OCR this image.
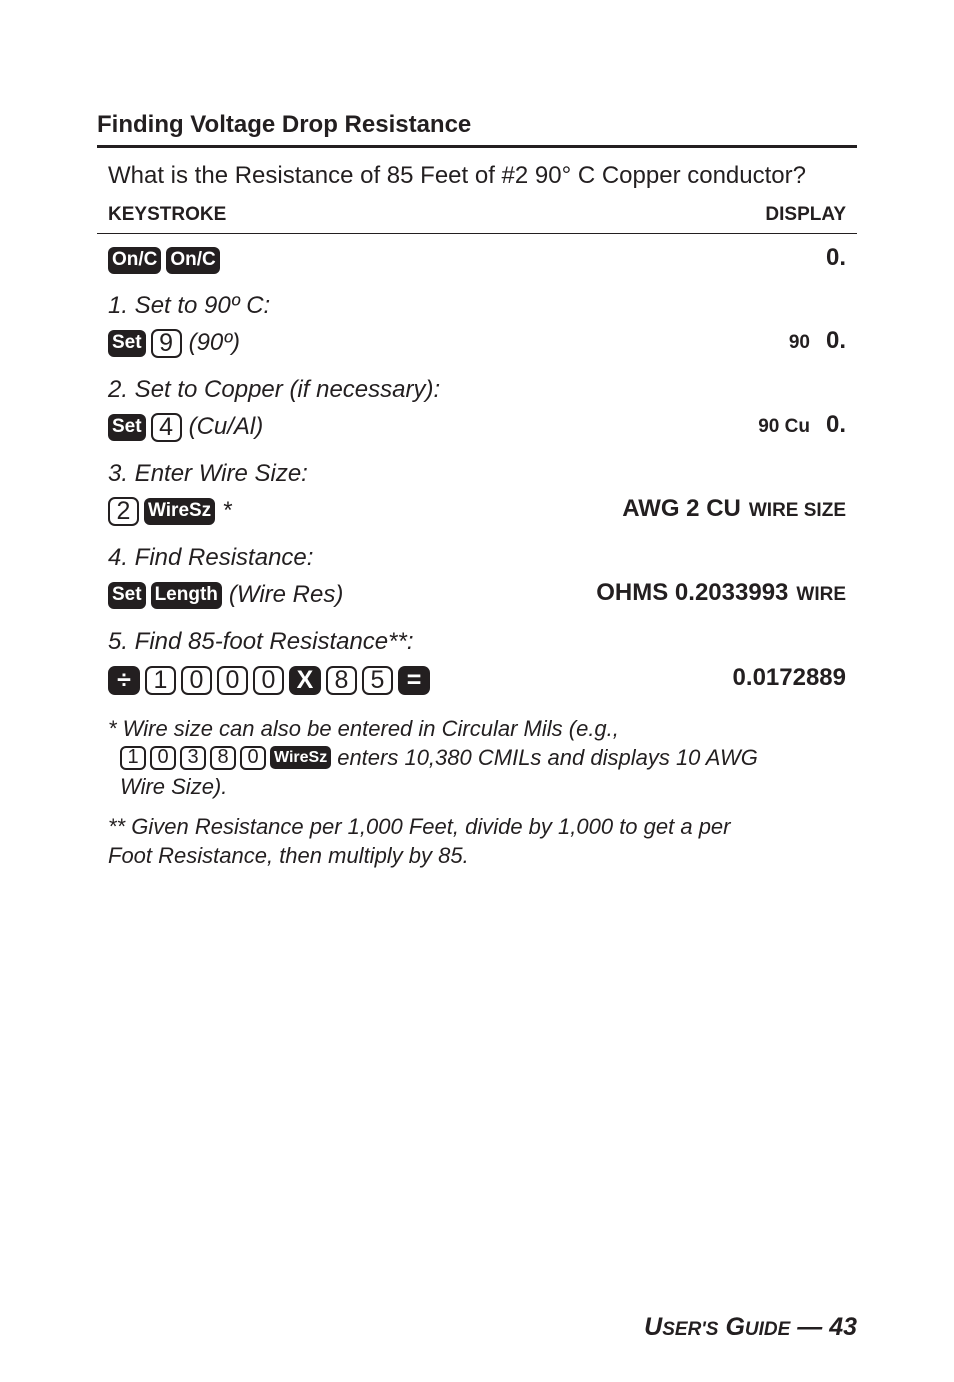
Finding Voltage Drop Resistance
What is the Resistance of 85 Feet of #2 90° C Copper conductor?
KEYSTROKE	DISPLAY
On/C On/C	0.
1. Set to 90º C:
Set 9 (90º)	90 0.
2. Set to Copper (if necessary):
Set 4 (Cu/Al)	90 Cu 0.
3. Enter Wire Size:
2 WireSz *	AWG 2 CU WIRE SIZE
4. Find Resistance:
Set Length (Wire Res)	OHMS 0.2033993 WIRE
5. Find 85-foot Resistance**:
÷ 1 0 0 0 X 8 5 =	0.0172889
* Wire size can also be entered in Circular Mils (e.g.,
1 0 3 8 0 WireSz enters 10,380 CMILs and displays 10 AWG
Wire Size).
** Given Resistance per 1,000 Feet, divide by 1,000 to get a per
Foot Resistance, then multiply by 85.
USER'S GUIDE — 43
